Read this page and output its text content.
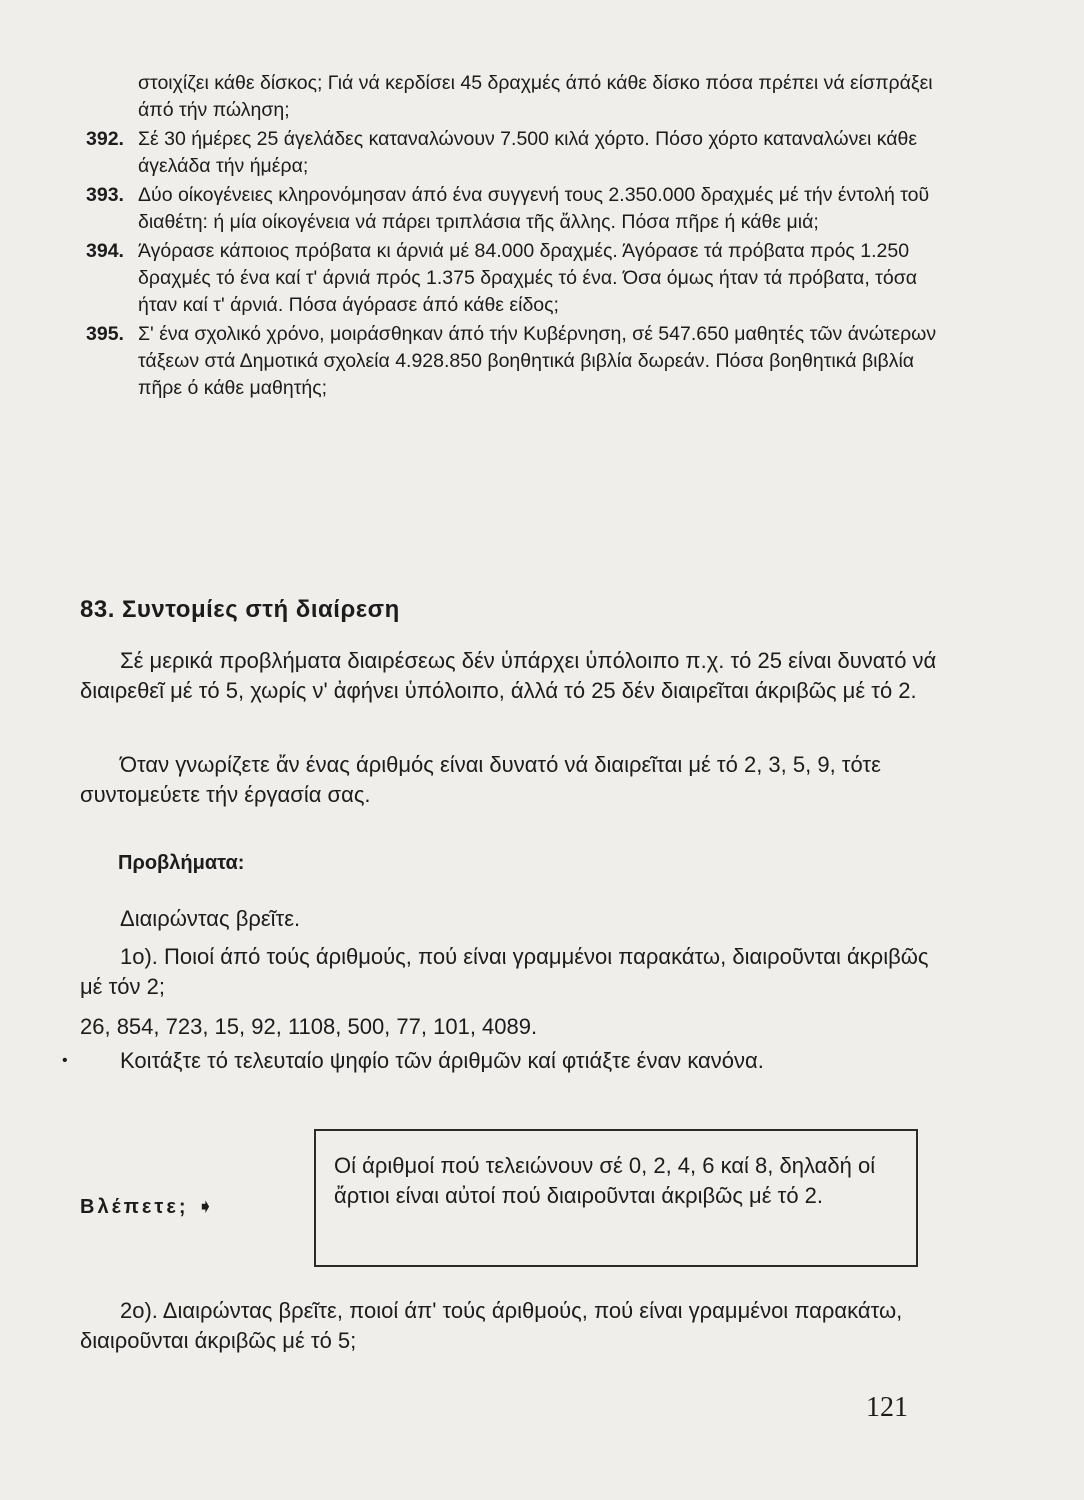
στοιχίζει κάθε δίσκος; Γιά νά κερδίσει 45 δραχμές άπό κάθε δίσκο πόσα πρέπει νά είσπράξει άπό τήν πώληση;
392. Σέ 30 ήμέρες 25 άγελάδες καταναλώνουν 7.500 κιλά χόρτο. Πόσο χόρτο καταναλώνει κάθε άγελάδα τήν ήμέρα;
393. Δύο οίκογένειες κληρονόμησαν άπό ένα συγγενή τους 2.350.000 δραχμές μέ τήν έντολή τοῦ διαθέτη: ή μία οίκογένεια νά πάρει τριπλάσια τῆς ἄλλης. Πόσα πῆρε ή κάθε μιά;
394. Άγόρασε κάποιος πρόβατα κι άρνιά μέ 84.000 δραχμές. Άγόρασε τά πρόβατα πρός 1.250 δραχμές τό ένα καί τ' άρνιά πρός 1.375 δραχμές τό ένα. Όσα όμως ήταν τά πρόβατα, τόσα ήταν καί τ' άρνιά. Πόσα άγόρασε άπό κάθε είδος;
395. Σ' ένα σχολικό χρόνο, μοιράσθηκαν άπό τήν Κυβέρνηση, σέ 547.650 μαθητές τῶν άνώτερων τάξεων στά Δημοτικά σχολεία 4.928.850 βοηθητικά βιβλία δωρεάν. Πόσα βοηθητικά βιβλία πῆρε ό κάθε μαθητής;
83. Συντομίες στή διαίρεση
Σέ μερικά προβλήματα διαιρέσεως δέν ὑπάρχει ὑπόλοιπο π.χ. τό 25 είναι δυνατό νά διαιρεθεῖ μέ τό 5, χωρίς ν' ἀφήνει ὑπόλοιπο, άλλά τό 25 δέν διαιρεῖται άκριβῶς μέ τό 2.
Όταν γνωρίζετε ἄν ένας άριθμός είναι δυνατό νά διαιρεῖται μέ τό 2, 3, 5, 9, τότε συντομεύετε τήν έργασία σας.
Προβλήματα:
Διαιρώντας βρεῖτε.
1ο). Ποιοί άπό τούς άριθμούς, πού είναι γραμμένοι παρακάτω, διαιροῦνται άκριβῶς μέ τόν 2;
26, 854, 723, 15, 92, 1108, 500, 77, 101, 4089.
•	Κοιτάξτε τό τελευταίο ψηφίο τῶν άριθμῶν καί φτιάξτε έναν κανόνα.
Βλέπετε; ➧
Οί άριθμοί πού τελειώνουν σέ 0, 2, 4, 6 καί 8, δηλαδή οί ἄρτιοι είναι αὐτοί πού διαιροῦνται άκριβῶς μέ τό 2.
2ο). Διαιρώντας βρεῖτε, ποιοί άπ' τούς άριθμούς, πού είναι γραμμένοι παρακάτω, διαιροῦνται άκριβῶς μέ τό 5;
121
